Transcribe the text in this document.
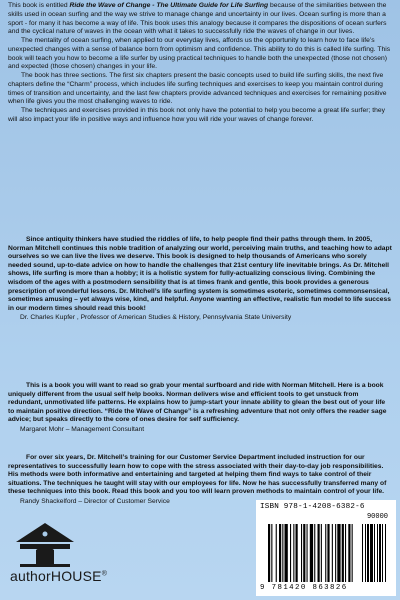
This book is entitled Ride the Wave of Change - The Ultimate Guide for Life Surfing because of the similarities between the skills used in ocean surfing and the way we strive to manage change and uncertainty in our lives. Ocean surfing is more than a sport - for many it has become a way of life. This book uses this analogy because it compares the dispositions of ocean surfers and the cyclical nature of waves in the ocean with what it takes to successfully ride the waves of change in our lives.

The mentality of ocean surfing, when applied to our everyday lives, affords us the opportunity to learn how to face life’s unexpected changes with a sense of balance born from optimism and confidence. This ability to do this is called life surfing. This book will teach you how to become a life surfer by using practical techniques to handle both the unexpected (those not chosen) and expected (those chosen) changes in your life.

The book has three sections. The first six chapters present the basic concepts used to build life surfing skills, the next five chapters define the “Charm” process, which includes life surfing techniques and exercises to keep you maintain control during times of transition and uncertainty, and the last few chapters provide advanced techniques and exercises for remaining positive when life gives you the most challenging waves to ride.

The techniques and exercises provided in this book not only have the potential to help you become a great life surfer; they will also impact your life in positive ways and influence how you will ride your waves of change forever.

Since antiquity thinkers have studied the riddles of life, to help people find their paths through them. In 2005, Norman Mitchell continues this noble tradition of analyzing our world, perceiving main truths, and teaching how to adapt ourselves so we can live the lives we deserve. This book is designed to help thousands of Americans who sorely needed sound, up-to-date advice on how to handle the challenges that 21st century life inevitable brings. As Dr. Mitchell shows, life surfing is more than a hobby; it is a holistic system for fully-actualizing conscious living. Combining the wisdom of the ages with a postmodern sensibility that is at times frank and gentle, this book provides a generous prescription of wonderful lessons. Dr. Mitchell’s life surfing system is sometimes esoteric, sometimes commonsensical, sometimes amusing – yet always wise, kind, and helpful. Anyone wanting an effective, realistic fun model to life success in our modern times should read this book!

Dr. Charles Kupfer , Professor of American Studies & History, Pennsylvania State University

This is a book you will want to read so grab your mental surfboard and ride with Norman Mitchell. Here is a book uniquely different from the usual self help books. Norman delivers wise and efficient tools to get unstuck from redundant, unmotivated life patterns. He explains how to jump-start your innate ability to glean the best out of your life to maintain positive direction. “Ride the Wave of Change” is a refreshing adventure that not only offers the reader sage advice; but speaks directly to the core of ones desire for self sufficiency.

Margaret Mohr – Management Consultant

For over six years, Dr. Mitchell’s training for our Customer Service Department included instruction for our representatives to successfully learn how to cope with the stress associated with their day-to-day job responsibilities. His methods were both informative and entertaining and targeted at helping them find ways to take control of their situations. The techniques he taught will stay with our employees for life. Now he has successfully transferred many of these techniques into this book. Read this book and you too will learn proven methods to maintain control of your life.

Randy Shackelford – Director of Customer Service

authorHOUSE®
ISBN 978-1-4208-6382-6
90000
9 781420 863826
